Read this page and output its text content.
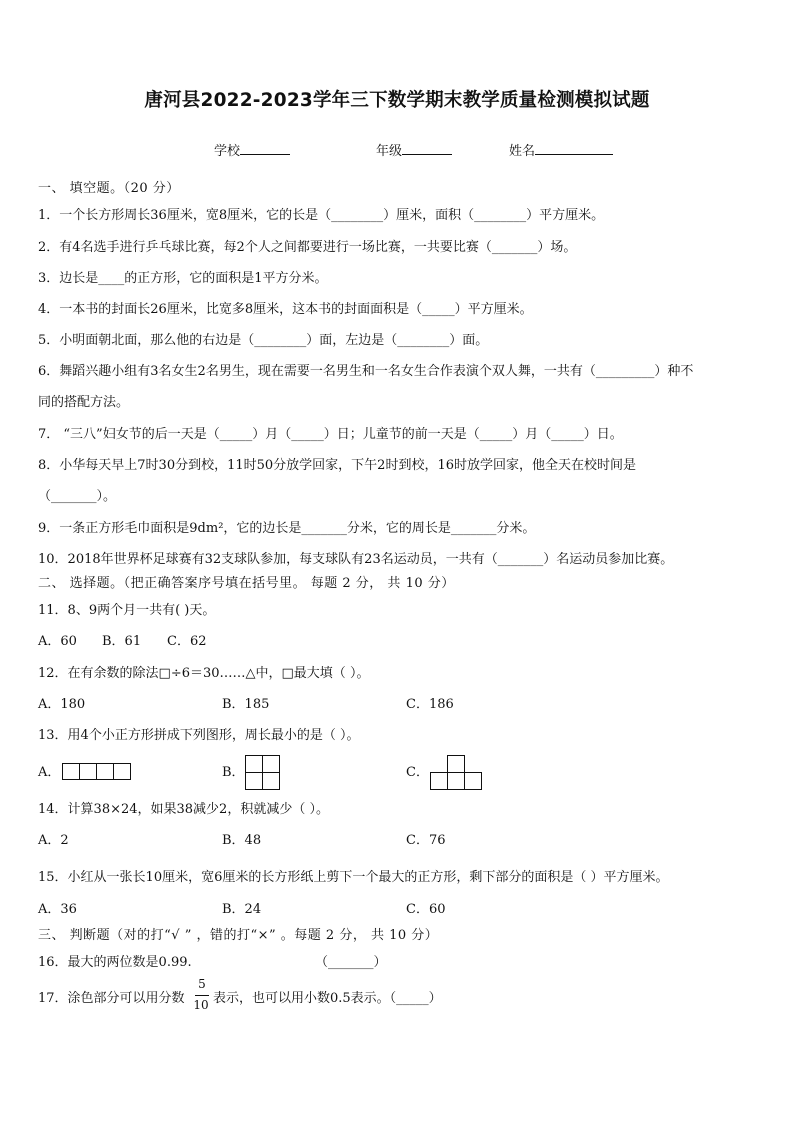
唐河县2022-2023学年三下数学期末教学质量检测模拟试题
学校	年级	姓名
一、 填空题。（20 分）
1．一个长方形周长36厘米，宽8厘米，它的长是（________）厘米，面积（________）平方厘米。
2．有4名选手进行乒乓球比赛，每2个人之间都要进行一场比赛，一共要比赛（_______）场。
3．边长是____的正方形，它的面积是1平方分米。
4．一本书的封面长26厘米，比宽多8厘米，这本书的封面面积是（_____）平方厘米。
5．小明面朝北面，那么他的右边是（________）面，左边是（________）面。
6．舞蹈兴趣小组有3名女生2名男生，现在需要一名男生和一名女生合作表演个双人舞，一共有（_________）种不
同的搭配方法。
7． “三八”妇女节的后一天是（_____）月（_____）日；儿童节的前一天是（_____）月（_____）日。
8．小华每天早上7时30分到校，11时50分放学回家，下午2时到校，16时放学回家，他全天在校时间是
（_______）。
9．一条正方形毛巾面积是9dm²，它的边长是_______分米，它的周长是_______分米。
10．2018年世界杯足球赛有32支球队参加，每支球队有23名运动员，一共有（_______）名运动员参加比赛。
二、 选择题。（把正确答案序号填在括号里。 每题 2 分， 共 10 分）
11．8、9两个月一共有( )天。
A．60 B．61 C．62
12．在有余数的除法□÷6＝30……△中，□最大填（ ）。
A．180	B．185	C．186
13．用4个小正方形拼成下列图形，周长最小的是（ ）。
A．	B．	C．
14．计算38×24，如果38减少2，积就减少（ ）。
A．2	B．48	C．76
15．小红从一张长10厘米，宽6厘米的长方形纸上剪下一个最大的正方形，剩下部分的面积是（ ）平方厘米。
A．36	B．24	C．60
三、 判断题（对的打“√ ” ，错的打“×” 。每题 2 分， 共 10 分）
16．最大的两位数是0.99.	（_______）
17．涂色部分可以用分数
5
10 表示，也可以用小数0.5表示。（_____）
